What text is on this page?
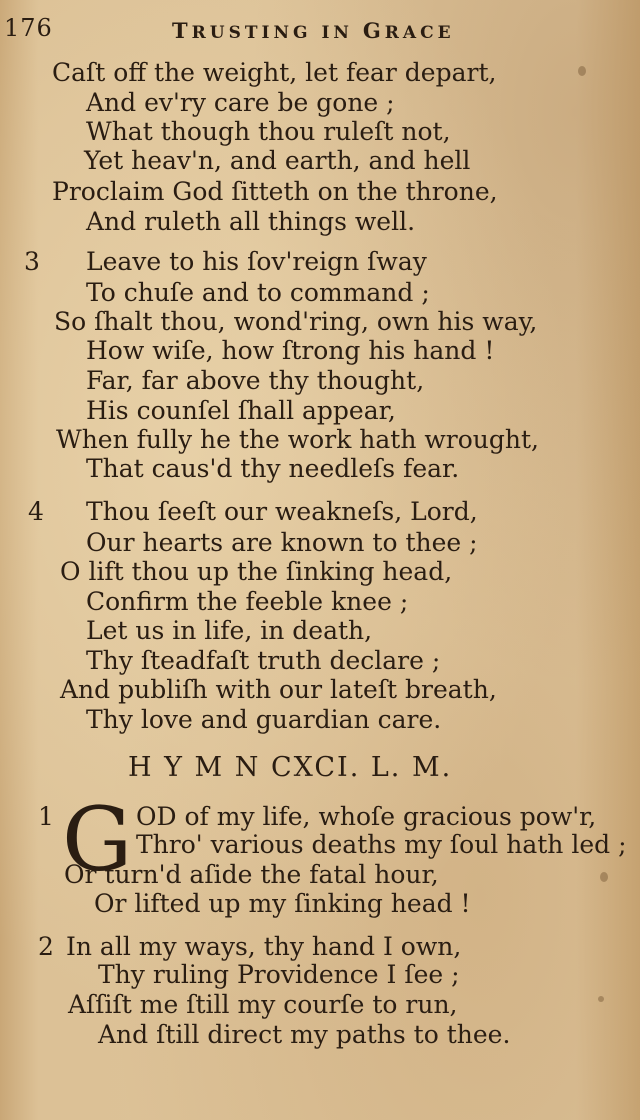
176	TRUSTING IN GRACE
Caſt off the weight, let fear depart,
And ev'ry care be gone ;
What though thou ruleſt not,
Yet heav'n, and earth, and hell
Proclaim God ſitteth on the throne,
And ruleth all things well.
3 Leave to his ſov'reign ſway
To chuſe and to command ;
So ſhalt thou, wond'ring, own his way,
How wiſe, how ſtrong his hand !
Far, far above thy thought,
His counſel ſhall appear,
When fully he the work hath wrought,
That caus'd thy needleſs fear.
4 Thou ſeeſt our weakneſs, Lord,
Our hearts are known to thee ;
O lift thou up the ſinking head,
Confirm the feeble knee ;
Let us in life, in death,
Thy ſteadfaſt truth declare ;
And publiſh with our lateſt breath,
Thy love and guardian care.
H Y M N CXCI. L. M.
1 G OD of my life, whoſe gracious pow'r,
Thro' various deaths my ſoul hath led ;
Or turn'd aſide the fatal hour,
Or lifted up my ſinking head !
2 In all my ways, thy hand I own,
Thy ruling Providence I ſee ;
Aſſiſt me ſtill my courſe to run,
And ſtill direct my paths to thee.
